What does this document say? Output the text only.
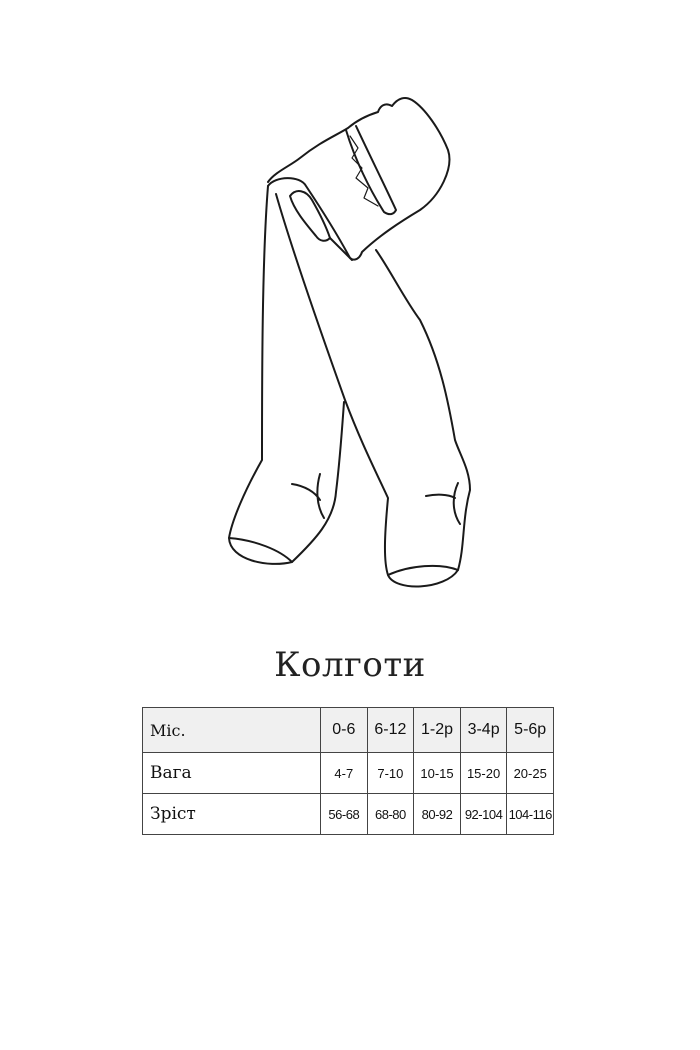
Колготи
Міс.	0-6	6-12	1-2р	3-4р	5-6р
Вага	4-7	7-10	10-15	15-20	20-25
Зріст	56-68	68-80	80-92	92-104	104-116
